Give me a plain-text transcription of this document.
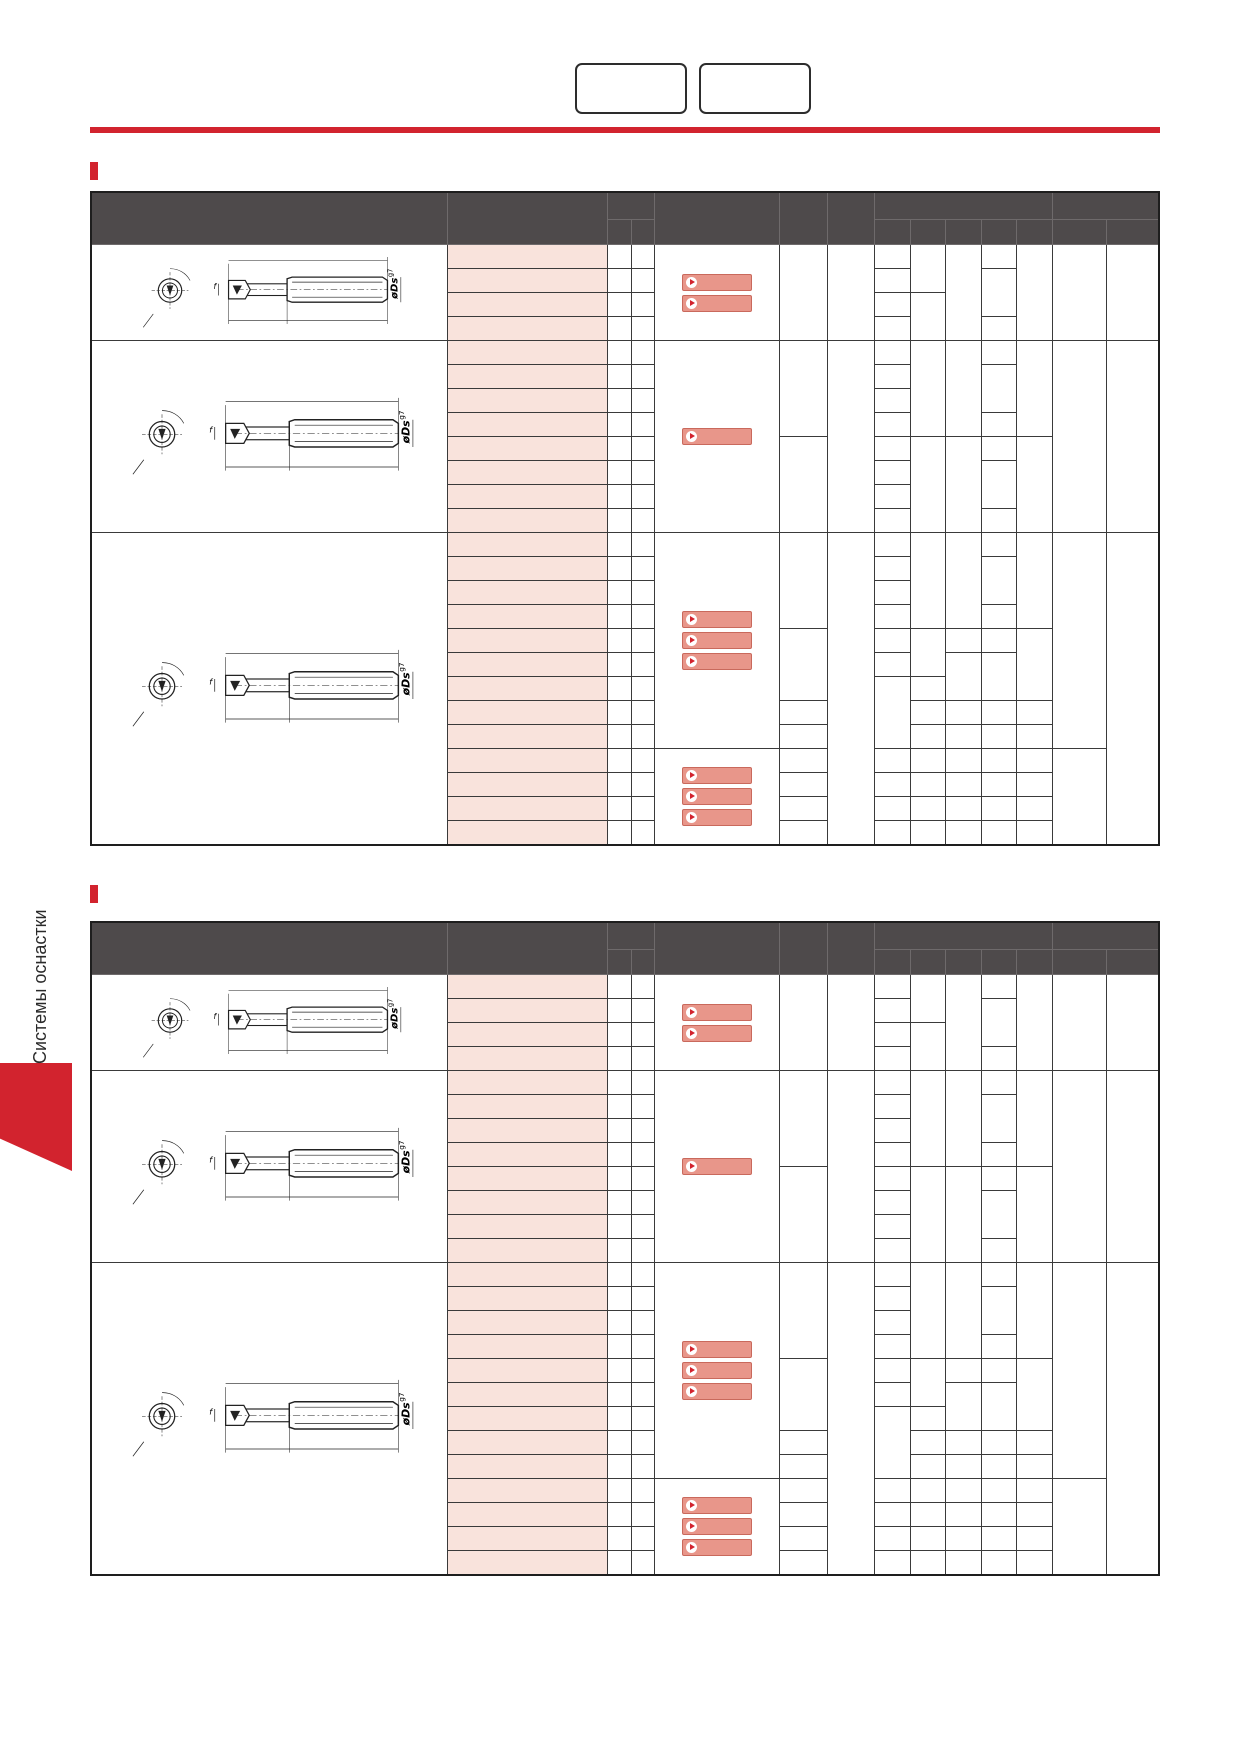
Системы оснастки
